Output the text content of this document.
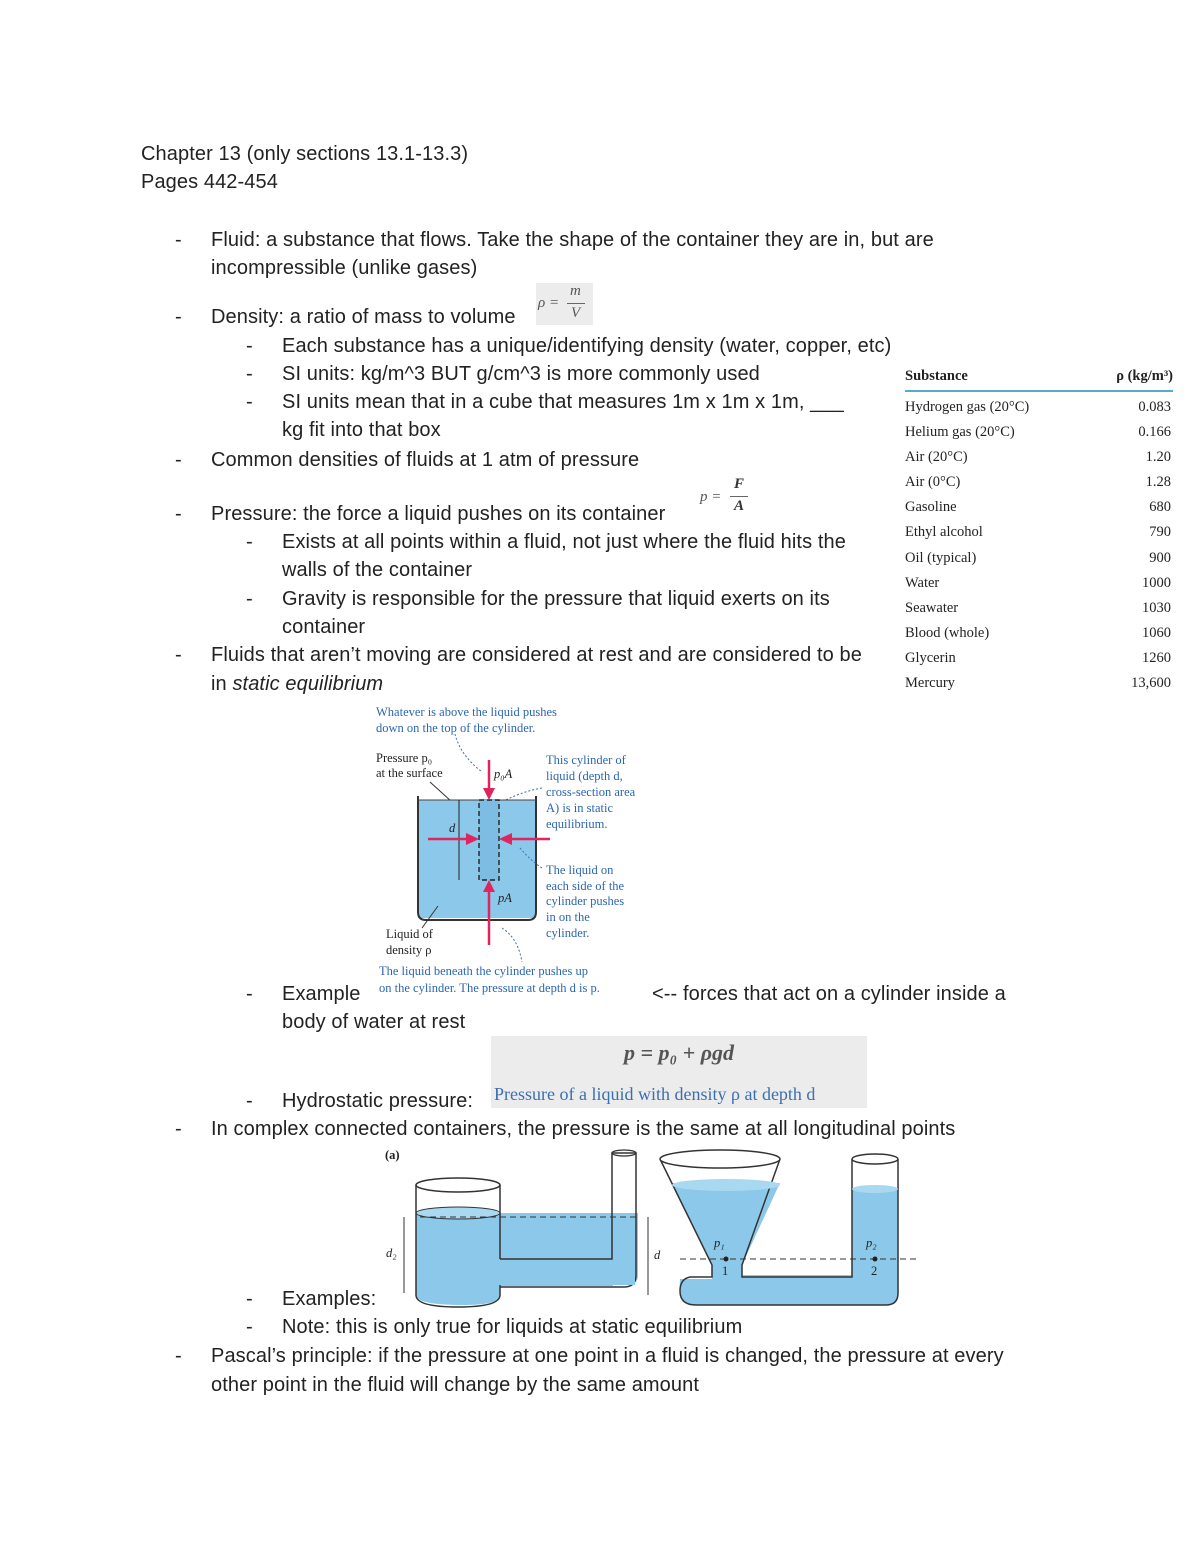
Chapter 13 (only sections 13.1-13.3)
Pages 442-454
- Fluid: a substance that flows. Take the shape of the container they are in, but are
incompressible (unlike gases)
- Density: a ratio of mass to volume
ρ =
m
V
- Each substance has a unique/identifying density (water, copper, etc)
- SI units: kg/m^3 BUT g/cm^3 is more commonly used
- SI units mean that in a cube that measures 1m x 1m x 1m, ___
kg fit into that box
- Common densities of fluids at 1 atm of pressure
- Pressure: the force a liquid pushes on its container
p =
F
A
- Exists at all points within a fluid, not just where the fluid hits the
walls of the container
- Gravity is responsible for the pressure that liquid exerts on its
container
- Fluids that aren’t moving are considered at rest and are considered to be
in static equilibrium
Substance	ρ (kg/m³)
Hydrogen gas (20°C)	0.083
Helium gas (20°C)	0.166
Air (20°C)	1.20
Air (0°C)	1.28
Gasoline	680
Ethyl alcohol	790
Oil (typical)	900
Water	1000
Seawater	1030
Blood (whole)	1060
Glycerin	1260
Mercury	13,600
Whatever is above the liquid pushes
down on the top of the cylinder.
Pressure p₀
at the surface	p₀A
This cylinder of
liquid (depth d,
cross-section area
A) is in static
equilibrium.
d
pA
The liquid on
each side of the
cylinder pushes
in on the
cylinder.
Liquid of
density ρ
The liquid beneath the cylinder pushes up
on the cylinder. The pressure at depth d is p.
- Example	<-- forces that act on a cylinder inside a
body of water at rest
p = p₀ + ρgd
Pressure of a liquid with density ρ at depth d
- Hydrostatic pressure:
- In complex connected containers, the pressure is the same at all longitudinal points
(a)
d₂	d
p₁	p₂
1	2
- Examples:
- Note: this is only true for liquids at static equilibrium
- Pascal’s principle: if the pressure at one point in a fluid is changed, the pressure at every
other point in the fluid will change by the same amount
